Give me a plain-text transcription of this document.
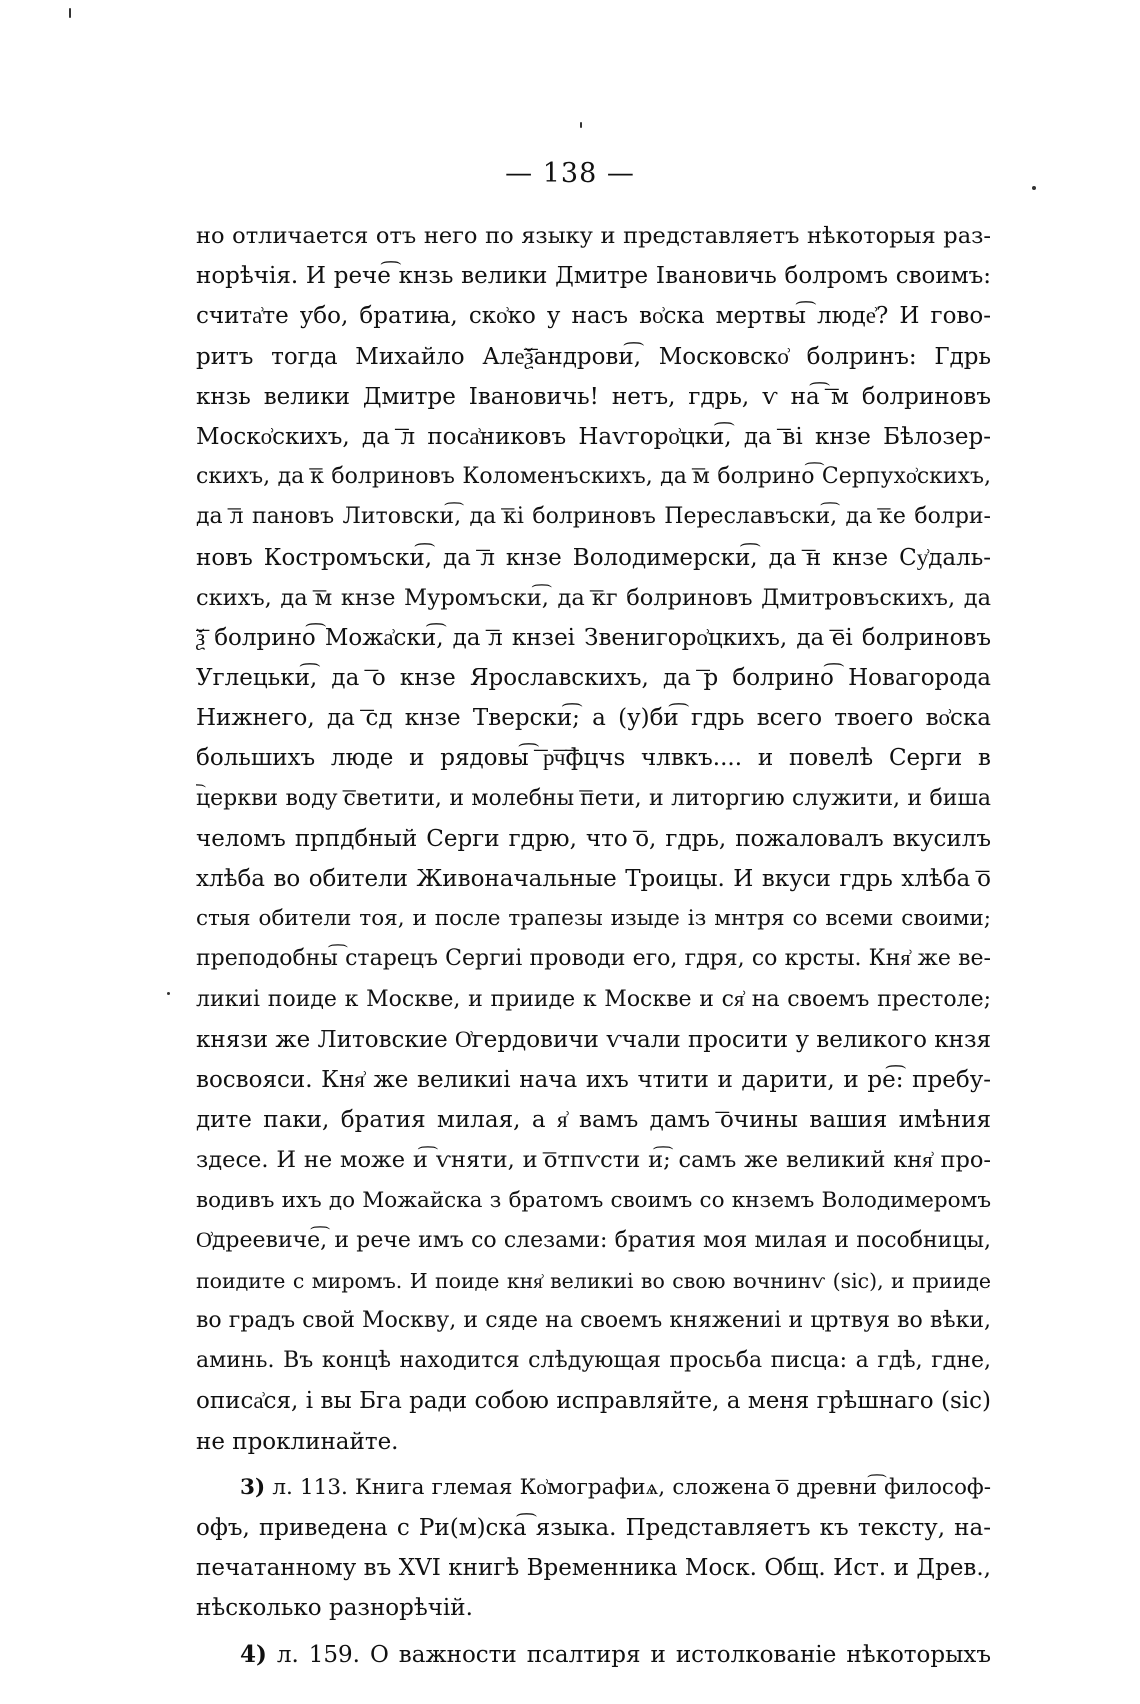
— 138 —
но отличается отъ него по языку и представляетъ нѣкоторыя раз-
норѣчія. И рече͡ кнзь велики Дмитре Івановичь болромъ своимъ:
счита͗те убо, братиꙗ, ско͗ко у насъ во͗ска мертвы͡ люде͗? И гово-
ритъ тогда Михайло Але͞ѯандрови͡, Московско͗ болринъ: Гдрь
кнзь велики Дмитре Івановичь! нетъ, гдрь, ѵ на͡ ͞м болриновъ
Моско͗скихъ, да ͞л поса͗никовъ Наѵгоро͗цки͡, да ͞ві кнзе Бѣлозер-
скихъ, да ͞к болриновъ Коломенъскихъ, да ͞м болрино͡ Серпухо͗скихъ,
да ͞л пановъ Литовски͡, да ͞кі болриновъ Переславъски͡, да ͞ке болри-
новъ Костромъски͡, да ͞л кнзе Володимерски͡, да ͞н кнзе Су͗даль-
скихъ, да ͞м кнзе Муромъски͡, да ͞кг болриновъ Дмитровъскихъ, да
͞ѯ болрино͡ Можа͗ски͡, да ͞л кнзеі Звенигоро͗цкихъ, да ͞еі болриновъ
Углецьки͡, да ͞о кнзе Ярославскихъ, да ͞р болрино͡ Новагорода
Нижнего, да ͞сд кнзе Тверски͡; а (у)би͡ гдрь всего твоего во͗ска
большихъ люде и рядовы͡ ͞р͞ч͞фцчѕ члвкъ.... и повелѣ Серги в
͡церкви воду ͞светити, и молебны ͞пети, и литоргию служити, и биша
челомъ прпдбный Серги гдрю, что ͞о, гдрь, пожаловалъ вкусилъ
хлѣба во обители Живоначальные Троицы. И вкуси гдрь хлѣба ͞о
стыя обители тоя, и после трапезы изыде із мнтря со всеми своими;
преподобны͡ старецъ Сергиі проводи его, гдря, со крсты. Кня͗ же ве-
ликиі поиде к Москве, и прииде к Москве и ся͗ на своемъ престоле;
князи же Литовские О͗гердовичи ѵчали просити у великого кнзя
восвояси. Кня͗ же великиі нача ихъ чтити и дарити, и ре͡: пребу-
дите паки, братия милая, а я͗ вамъ дамъ ͞очины вашия имѣния
здесе. И не може и͡ ѵняти, и ͞отпѵсти и͡; самъ же великий кня͗ про-
водивъ ихъ до Можайска з братомъ своимъ со кнземъ Володимеромъ
О͗дреевиче͡, и рече имъ со слезами: братия моя милая и пособницы,
поидите с миромъ. И поиде кня͗ великиі во свою вочнинѵ (sic), и прииде
во градъ свой Москву, и сяде на своемъ княжениі и цртвуя во вѣки,
аминь. Въ концѣ находится слѣдующая просьба писца: а гдѣ, гдне,
описа͗ся, і вы Бга ради собою исправляйте, а меня грѣшнаго (sic)
не проклинайте.
3) л. 113. Книга глемая Ко͗мографиѧ, сложена ͞о древни͡ философ-
офъ, приведена с Ри(м)ска͡ языка. Представляетъ къ тексту, на-
печатанному въ XVI книгѣ Временника Моск. Общ. Ист. и Древ.,
нѣсколько разнорѣчій.
4) л. 159. О важности псалтиря и истолкованіе нѣкоторыхъ
